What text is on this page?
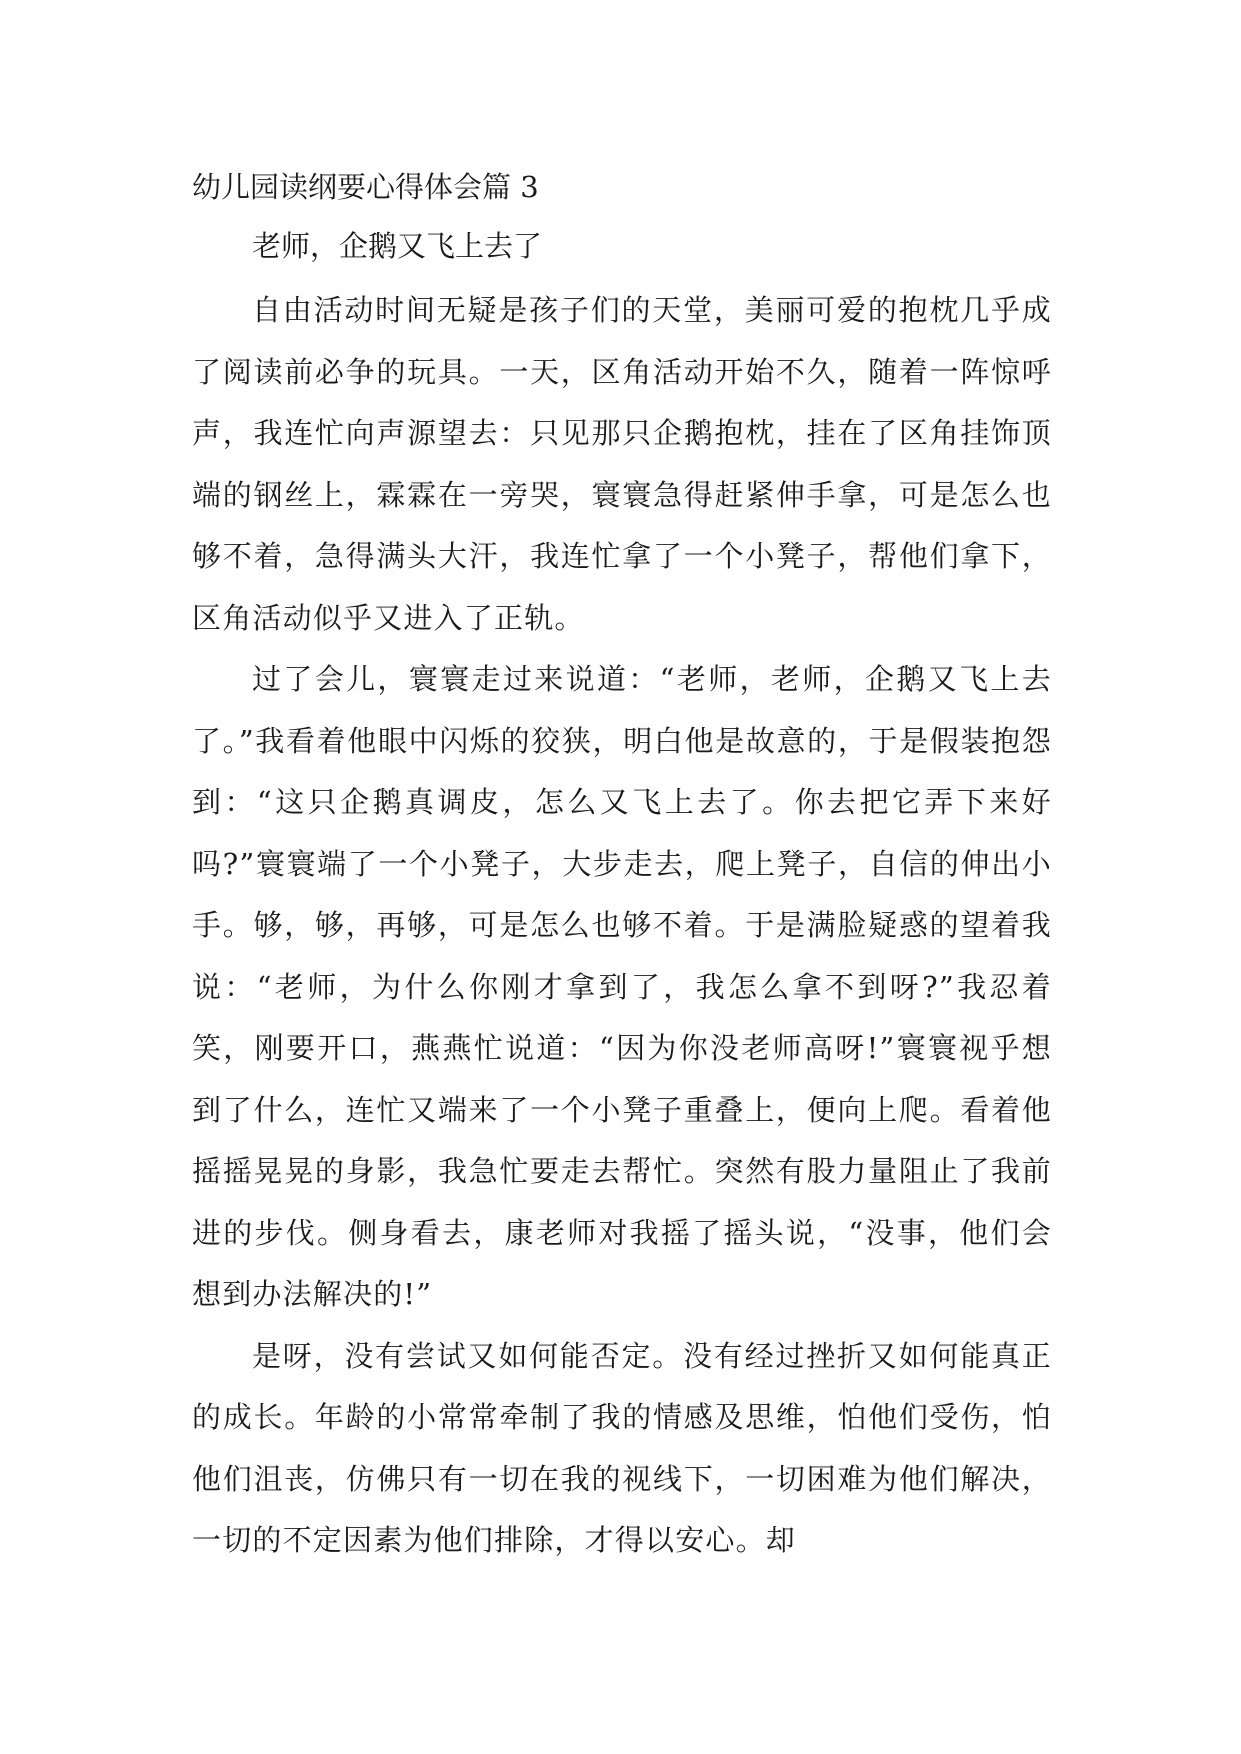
幼儿园读纲要心得体会篇 3

老师，企鹅又飞上去了

自由活动时间无疑是孩子们的天堂，美丽可爱的抱枕几乎成了阅读前必争的玩具。一天，区角活动开始不久，随着一阵惊呼声，我连忙向声源望去：只见那只企鹅抱枕，挂在了区角挂饰顶端的钢丝上，霖霖在一旁哭，寰寰急得赶紧伸手拿，可是怎么也够不着，急得满头大汗，我连忙拿了一个小凳子，帮他们拿下，区角活动似乎又进入了正轨。

过了会儿，寰寰走过来说道：“老师，老师，企鹅又飞上去了。”我看着他眼中闪烁的狡狭，明白他是故意的，于是假装抱怨到：“这只企鹅真调皮，怎么又飞上去了。你去把它弄下来好吗?”寰寰端了一个小凳子，大步走去，爬上凳子，自信的伸出小手。够，够，再够，可是怎么也够不着。于是满脸疑惑的望着我说：“老师，为什么你刚才拿到了，我怎么拿不到呀?”我忍着笑，刚要开口，燕燕忙说道：“因为你没老师高呀!”寰寰视乎想到了什么，连忙又端来了一个小凳子重叠上，便向上爬。看着他摇摇晃晃的身影，我急忙要走去帮忙。突然有股力量阻止了我前进的步伐。侧身看去，康老师对我摇了摇头说，“没事，他们会想到办法解决的!”

是呀，没有尝试又如何能否定。没有经过挫折又如何能真正的成长。年龄的小常常牵制了我的情感及思维，怕他们受伤，怕他们沮丧，仿佛只有一切在我的视线下，一切困难为他们解决，一切的不定因素为他们排除，才得以安心。却
